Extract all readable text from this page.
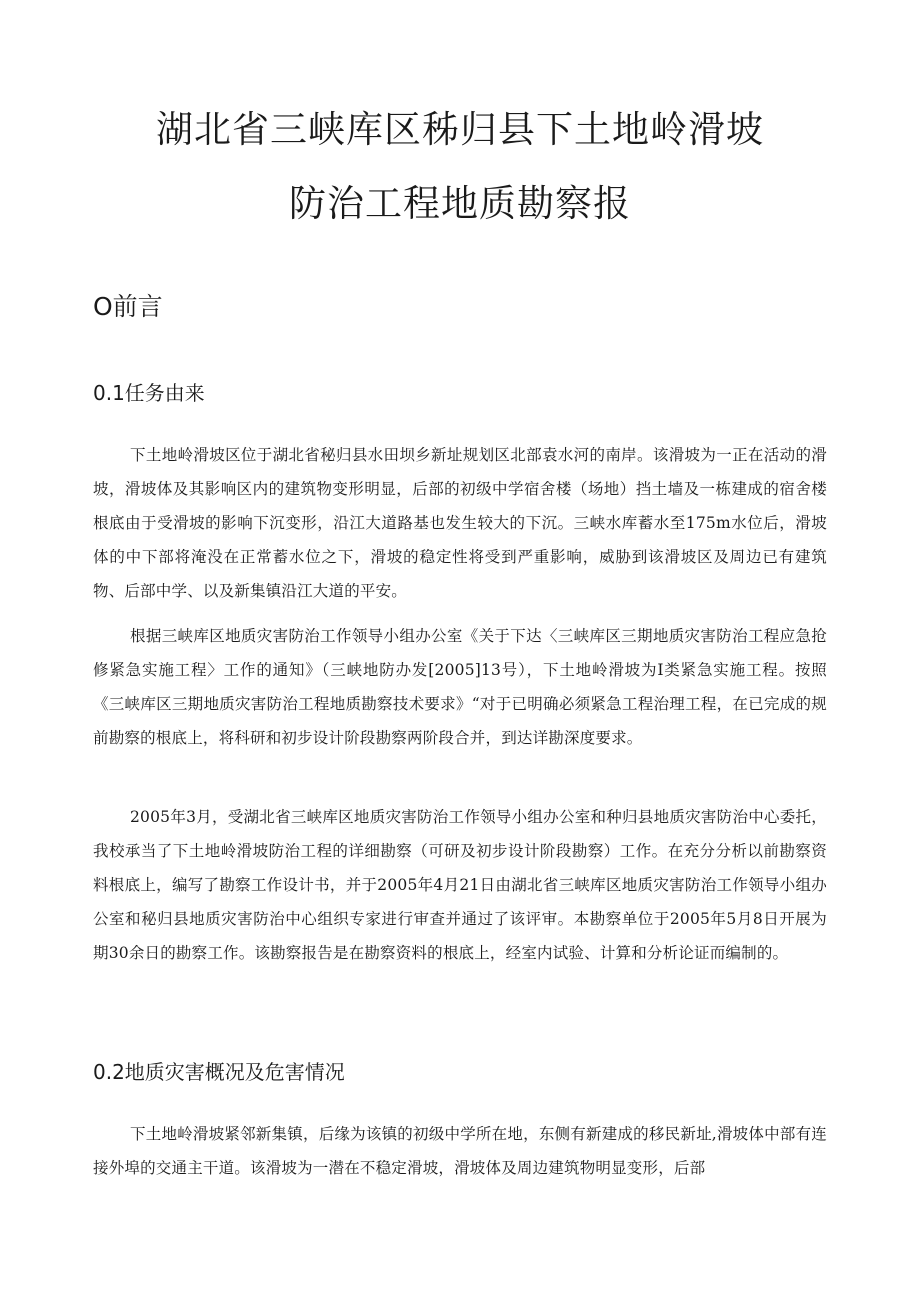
湖北省三峡库区秭归县下土地岭滑坡
防治工程地质勘察报
O前言
0.1任务由来

下土地岭滑坡区位于湖北省秘归县水田坝乡新址规划区北部袁水河的南岸。该滑坡为一正在活动的滑坡，滑坡体及其影响区内的建筑物变形明显，后部的初级中学宿舍楼（场地）挡土墙及一栋建成的宿舍楼根底由于受滑坡的影响下沉变形，沿江大道路基也发生较大的下沉。三峡水库蓄水至175m水位后，滑坡体的中下部将淹没在正常蓄水位之下，滑坡的稳定性将受到严重影响，威胁到该滑坡区及周边已有建筑物、后部中学、以及新集镇沿江大道的平安。

根据三峡库区地质灾害防治工作领导小组办公室《关于下达〈三峡库区三期地质灾害防治工程应急抢修紧急实施工程〉工作的通知》（三峡地防办发[2005]13号），下土地岭滑坡为I类紧急实施工程。按照《三峡库区三期地质灾害防治工程地质勘察技术要求》“对于已明确必须紧急工程治理工程，在已完成的规前勘察的根底上，将科研和初步设计阶段勘察两阶段合并，到达详勘深度要求。

2005年3月，受湖北省三峡库区地质灾害防治工作领导小组办公室和种归县地质灾害防治中心委托，我校承当了下土地岭滑坡防治工程的详细勘察（可研及初步设计阶段勘察）工作。在充分分析以前勘察资料根底上，编写了勘察工作设计书，并于2005年4月21日由湖北省三峡库区地质灾害防治工作领导小组办公室和秘归县地质灾害防治中心组织专家进行审查并通过了该评审。本勘察单位于2005年5月8日开展为期30余日的勘察工作。该勘察报告是在勘察资料的根底上，经室内试验、计算和分析论证而编制的。

0.2地质灾害概况及危害情况

下土地岭滑坡紧邻新集镇，后缘为该镇的初级中学所在地，东侧有新建成的移民新址,滑坡体中部有连接外埠的交通主干道。该滑坡为一潜在不稳定滑坡，滑坡体及周边建筑物明显变形，后部
